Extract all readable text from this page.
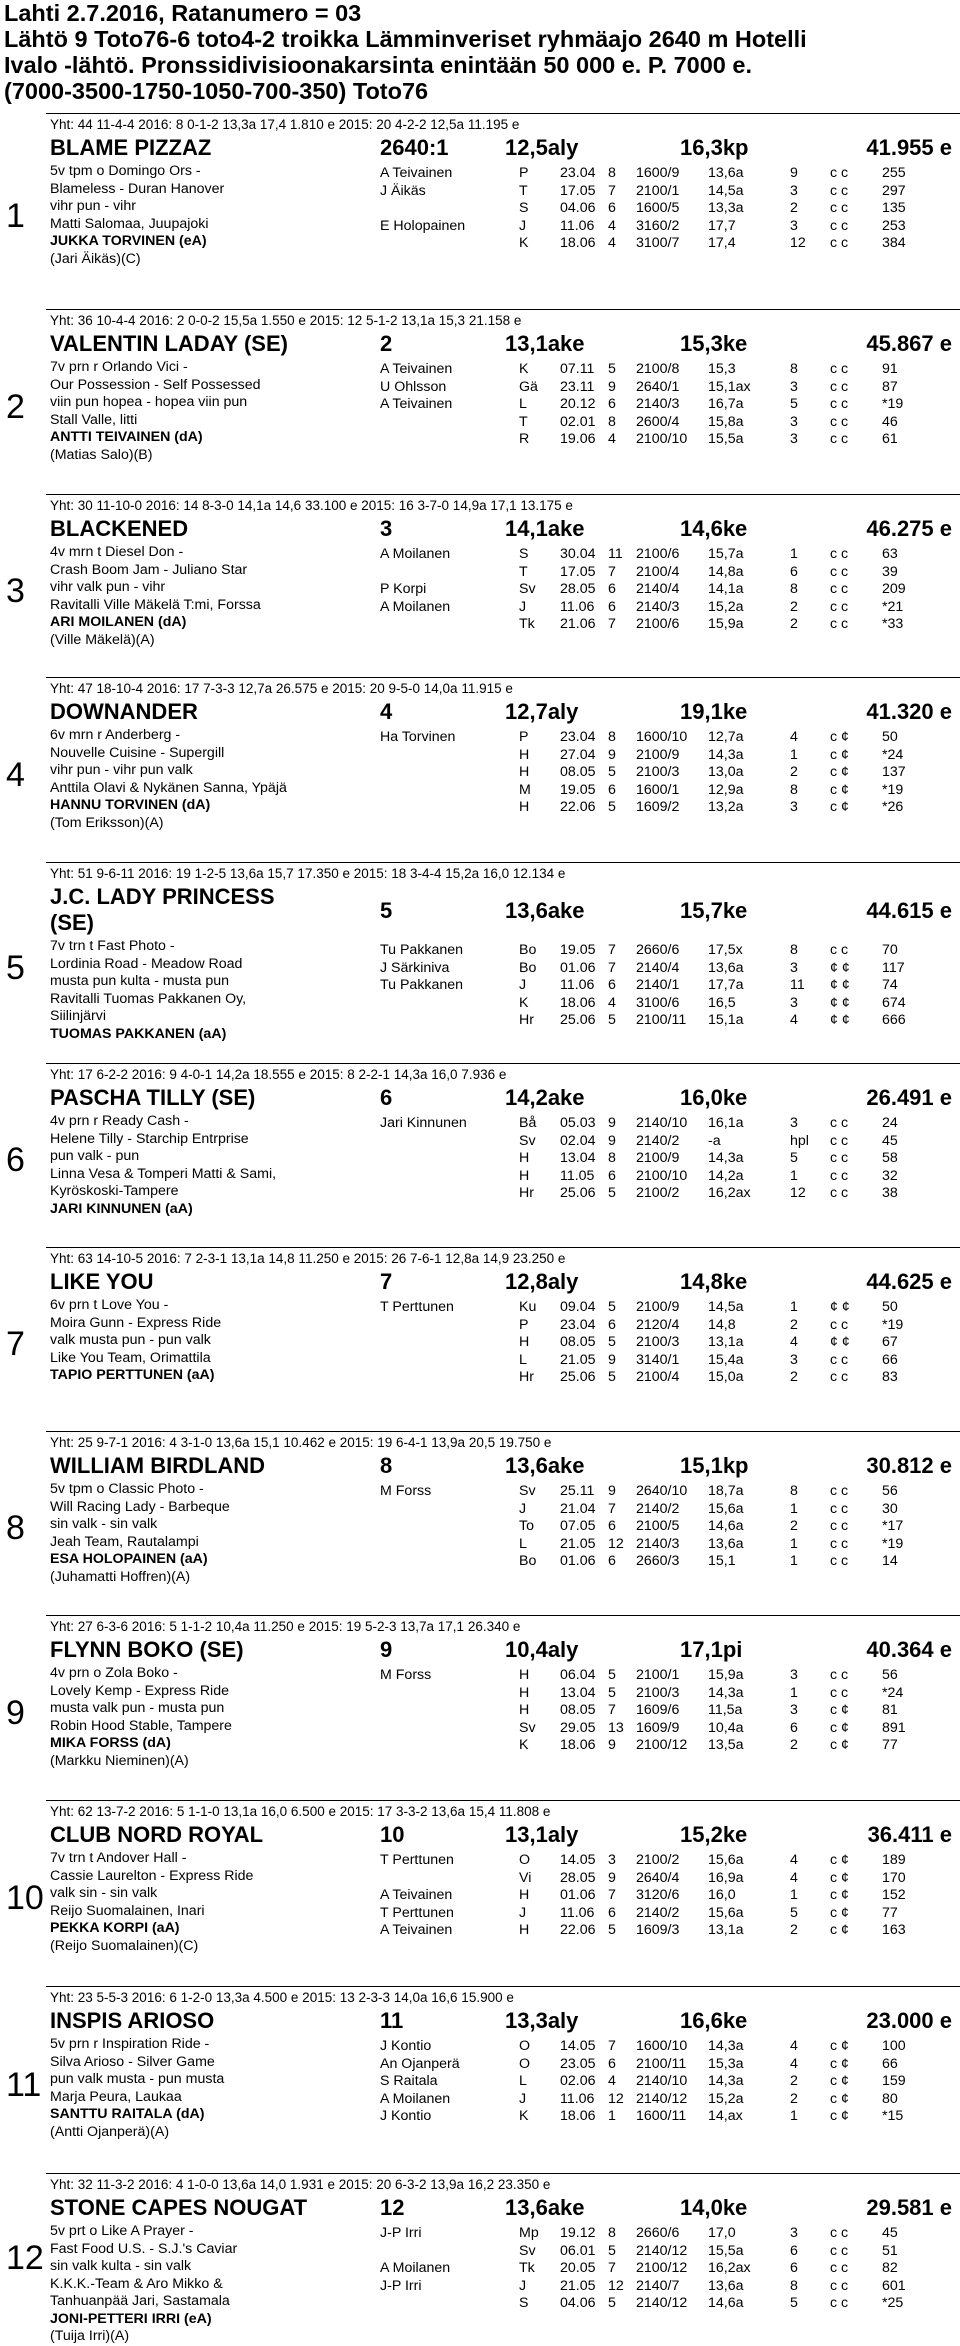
Lahti 2.7.2016, Ratanumero = 03
Lähtö 9 Toto76-6 toto4-2 troikka Lämminveriset ryhmäajo 2640 m Hotelli
Ivalo -lähtö. Pronssidivisioonakarsinta enintään 50 000 e. P. 7000 e.
(7000-3500-1750-1050-700-350) Toto76
Yht: 44 11-4-4 2016: 8 0-1-2 13,3a 17,4 1.810 e 2015: 20 4-2-2 12,5a 11.195 e
BLAME PIZZAZ	2640:1	12,5aly	16,3kp	41.955 e
1
5v tpm o Domingo Ors -
Blameless - Duran Hanover
vihr pun - vihr
Matti Salomaa, Juupajoki
JUKKA TORVINEN (eA)
(Jari Äikäs)(C)
A Teivainen	P 23.04 8 1600/9 13,6a	9 c c 255
J Äikäs	T 17.05 7 2100/1 14,5a	3 c c 297
S 04.06 6 1600/5 13,3a	2 c c 135
E Holopainen	J 11.06 4 3160/2 17,7	3 c c 253
K 18.06 4 3100/7 17,4	12 c c 384
Yht: 36 10-4-4 2016: 2 0-0-2 15,5a 1.550 e 2015: 12 5-1-2 13,1a 15,3 21.158 e
VALENTIN LADAY (SE)	2	13,1ake	15,3ke	45.867 e
2
7v prn r Orlando Vici -
Our Possession - Self Possessed
viin pun hopea - hopea viin pun
Stall Valle, litti
ANTTI TEIVAINEN (dA)
(Matias Salo)(B)
A Teivainen	K 07.11 5 2100/8 15,3	8 c c 91
U Ohlsson	Gä 23.11 9 2640/1 15,1ax	3 c c 87
A Teivainen	L 20.12 6 2140/3 16,7a	5 c c *19
T 02.01 8 2600/4 15,8a	3 c c 46
R 19.06 4 2100/10 15,5a	3 c c 61
Yht: 30 11-10-0 2016: 14 8-3-0 14,1a 14,6 33.100 e 2015: 16 3-7-0 14,9a 17,1 13.175 e
BLACKENED	3	14,1ake	14,6ke	46.275 e
3
4v mrn t Diesel Don -
Crash Boom Jam - Juliano Star
vihr valk pun - vihr
Ravitalli Ville Mäkelä T:mi, Forssa
ARI MOILANEN (dA)
(Ville Mäkelä)(A)
A Moilanen	S 30.04 11 2100/6 15,7a	1 c c 63
T 17.05 7 2100/4 14,8a	6 c c 39
P Korpi	Sv 28.05 6 2140/4 14,1a	8 c c 209
A Moilanen	J 11.06 6 2140/3 15,2a	2 c c *21
Tk 21.06 7 2100/6 15,9a	2 c c *33
Yht: 47 18-10-4 2016: 17 7-3-3 12,7a 26.575 e 2015: 20 9-5-0 14,0a 11.915 e
DOWNANDER	4	12,7aly	19,1ke	41.320 e
4
6v mrn r Anderberg -
Nouvelle Cuisine - Supergill
vihr pun - vihr pun valk
Anttila Olavi & Nykänen Sanna, Ypäjä
HANNU TORVINEN (dA)
(Tom Eriksson)(A)
Ha Torvinen	P 23.04 8 1600/10 12,7a	4 c ¢ 50
H 27.04 9 2100/9 14,3a	1 c ¢ *24
H 08.05 5 2100/3 13,0a	2 c ¢ 137
M 19.05 6 1600/1 12,9a	8 c ¢ *19
H 22.06 5 1609/2 13,2a	3 c ¢ *26
Yht: 51 9-6-11 2016: 19 1-2-5 13,6a 15,7 17.350 e 2015: 18 3-4-4 15,2a 16,0 12.134 e
J.C. LADY PRINCESS
(SE)	5	13,6ake	15,7ke	44.615 e
5
7v trn t Fast Photo -
Lordinia Road - Meadow Road
musta pun kulta - musta pun
Ravitalli Tuomas Pakkanen Oy,
Siilinjärvi
TUOMAS PAKKANEN (aA)
Tu Pakkanen	Bo 19.05 7 2660/6 17,5x	8 c c 70
J Särkiniva	Bo 01.06 7 2140/4 13,6a	3 ¢ ¢ 117
Tu Pakkanen	J 11.06 6 2140/1 17,7a	11 ¢ ¢ 74
K 18.06 4 3100/6 16,5	3 ¢ ¢ 674
Hr 25.06 5 2100/11 15,1a	4 ¢ ¢ 666
Yht: 17 6-2-2 2016: 9 4-0-1 14,2a 18.555 e 2015: 8 2-2-1 14,3a 16,0 7.936 e
PASCHA TILLY (SE)	6	14,2ake	16,0ke	26.491 e
6
4v prn r Ready Cash -
Helene Tilly - Starchip Entrprise
pun valk - pun
Linna Vesa & Tomperi Matti & Sami,
Kyröskoski-Tampere
JARI KINNUNEN (aA)
Jari Kinnunen	Bå 05.03 9 2140/10 16,1a	3 c c 24
Sv 02.04 9 2140/2 -a	hpl c c 45
H 13.04 8 2100/9 14,3a	5 c c 58
H 11.05 6 2100/10 14,2a	1 c c 32
Hr 25.06 5 2100/2 16,2ax	12 c c 38
Yht: 63 14-10-5 2016: 7 2-3-1 13,1a 14,8 11.250 e 2015: 26 7-6-1 12,8a 14,9 23.250 e
LIKE YOU	7	12,8aly	14,8ke	44.625 e
7
6v prn t Love You -
Moira Gunn - Express Ride
valk musta pun - pun valk
Like You Team, Orimattila
TAPIO PERTTUNEN (aA)
T Perttunen	Ku 09.04 5 2100/9 14,5a	1 ¢ ¢ 50
P 23.04 6 2120/4 14,8	2 c c *19
H 08.05 5 2100/3 13,1a	4 ¢ ¢ 67
L 21.05 9 3140/1 15,4a	3 c c 66
Hr 25.06 5 2100/4 15,0a	2 c c 83
Yht: 25 9-7-1 2016: 4 3-1-0 13,6a 15,1 10.462 e 2015: 19 6-4-1 13,9a 20,5 19.750 e
WILLIAM BIRDLAND	8	13,6ake	15,1kp	30.812 e
8
5v tpm o Classic Photo -
Will Racing Lady - Barbeque
sin valk - sin valk
Jeah Team, Rautalampi
ESA HOLOPAINEN (aA)
(Juhamatti Hoffren)(A)
M Forss	Sv 25.11 9 2640/10 18,7a	8 c c 56
J 21.04 7 2140/2 15,6a	1 c c 30
To 07.05 6 2100/5 14,6a	2 c c *17
L 21.05 12 2140/3 13,6a	1 c c *19
Bo 01.06 6 2660/3 15,1	1 c c 14
Yht: 27 6-3-6 2016: 5 1-1-2 10,4a 11.250 e 2015: 19 5-2-3 13,7a 17,1 26.340 e
FLYNN BOKO (SE)	9	10,4aly	17,1pi	40.364 e
9
4v prn o Zola Boko -
Lovely Kemp - Express Ride
musta valk pun - musta pun
Robin Hood Stable, Tampere
MIKA FORSS (dA)
(Markku Nieminen)(A)
M Forss	H 06.04 5 2100/1 15,9a	3 c c 56
H 13.04 5 2100/3 14,3a	1 c c *24
H 08.05 7 1609/6 11,5a	3 c ¢ 81
Sv 29.05 13 1609/9 10,4a	6 c ¢ 891
K 18.06 9 2100/12 13,5a	2 c ¢ 77
Yht: 62 13-7-2 2016: 5 1-1-0 13,1a 16,0 6.500 e 2015: 17 3-3-2 13,6a 15,4 11.808 e
CLUB NORD ROYAL	10	13,1aly	15,2ke	36.411 e
10
7v trn t Andover Hall -
Cassie Laurelton - Express Ride
valk sin - sin valk
Reijo Suomalainen, Inari
PEKKA KORPI (aA)
(Reijo Suomalainen)(C)
T Perttunen	O 14.05 3 2100/2 15,6a	4 c ¢ 189
Vi 28.05 9 2640/4 16,9a	4 c ¢ 170
A Teivainen	H 01.06 7 3120/6 16,0	1 c ¢ 152
T Perttunen	J 11.06 6 2140/2 15,6a	5 c ¢ 77
A Teivainen	H 22.06 5 1609/3 13,1a	2 c ¢ 163
Yht: 23 5-5-3 2016: 6 1-2-0 13,3a 4.500 e 2015: 13 2-3-3 14,0a 16,6 15.900 e
INSPIS ARIOSO	11	13,3aly	16,6ke	23.000 e
11
5v prn r Inspiration Ride -
Silva Arioso - Silver Game
pun valk musta - pun musta
Marja Peura, Laukaa
SANTTU RAITALA (dA)
(Antti Ojanperä)(A)
J Kontio	O 14.05 7 1600/10 14,3a	4 c ¢ 100
An Ojanperä	O 23.05 6 2100/11 15,3a	4 c ¢ 66
S Raitala	L 02.06 4 2140/10 14,3a	2 c ¢ 159
A Moilanen	J 11.06 12 2140/12 15,2a	2 c ¢ 80
J Kontio	K 18.06 1 1600/11 14,ax	1 c ¢ *15
Yht: 32 11-3-2 2016: 4 1-0-0 13,6a 14,0 1.931 e 2015: 20 6-3-2 13,9a 16,2 23.350 e
STONE CAPES NOUGAT	12	13,6ake	14,0ke	29.581 e
12
5v prt o Like A Prayer -
Fast Food U.S. - S.J.'s Caviar
sin valk kulta - sin valk
K.K.K.-Team & Aro Mikko &
Tanhuanpää Jari, Sastamala
JONI-PETTERI IRRI (eA)
(Tuija Irri)(A)
J-P Irri	Mp 19.12 8 2660/6 17,0	3 c c 45
Sv 06.01 5 2140/12 15,5a	6 c c 51
A Moilanen	Tk 20.05 7 2100/12 16,2ax	6 c c 82
J-P Irri	J 21.05 12 2140/7 13,6a	8 c c 601
S 04.06 5 2140/12 14,6a	5 c c *25
